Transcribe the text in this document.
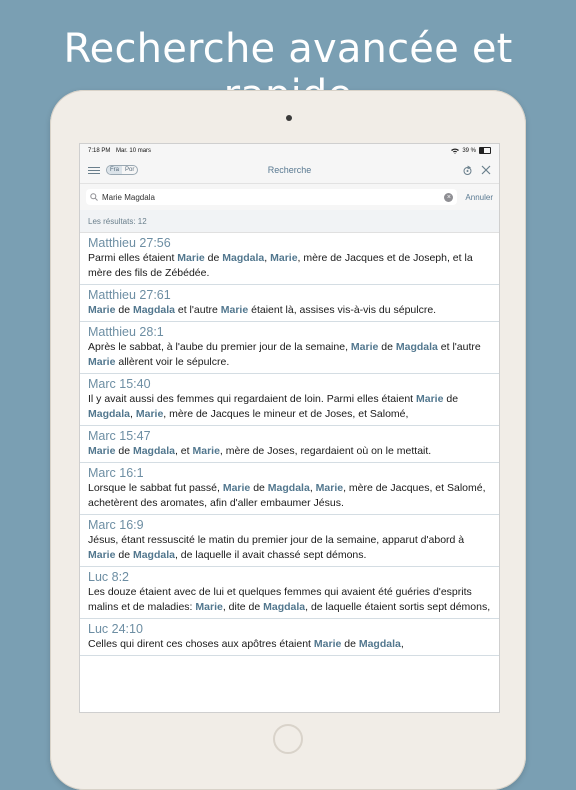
Recherche avancée et
7:18 PM Mar. 10 mars	39 %
Fra	Por	Recherche
Marie Magdala
×	Annuler
Les résultats: 12
Matthieu 27:56
Parmi elles étaient Marie de Magdala, Marie, mère de Jacques et de Joseph, et la mère des fils de Zébédée.
Matthieu 27:61
Marie de Magdala et l'autre Marie étaient là, assises vis-à-vis du sépulcre.
Matthieu 28:1
Après le sabbat, à l'aube du premier jour de la semaine, Marie de Magdala et l'autre Marie allèrent voir le sépulcre.
Marc 15:40
Il y avait aussi des femmes qui regardaient de loin. Parmi elles étaient Marie de Magdala, Marie, mère de Jacques le mineur et de Joses, et Salomé,
Marc 15:47
Marie de Magdala, et Marie, mère de Joses, regardaient où on le mettait.
Marc 16:1
Lorsque le sabbat fut passé, Marie de Magdala, Marie, mère de Jacques, et Salomé, achetèrent des aromates, afin d'aller embaumer Jésus.
Marc 16:9
Jésus, étant ressuscité le matin du premier jour de la semaine, apparut d'abord à Marie de Magdala, de laquelle il avait chassé sept démons.
Luc 8:2
Les douze étaient avec de lui et quelques femmes qui avaient été guéries d'esprits malins et de maladies: Marie, dite de Magdala, de laquelle étaient sortis sept démons,
Luc 24:10
Celles qui dirent ces choses aux apôtres étaient Marie de Magdala,
